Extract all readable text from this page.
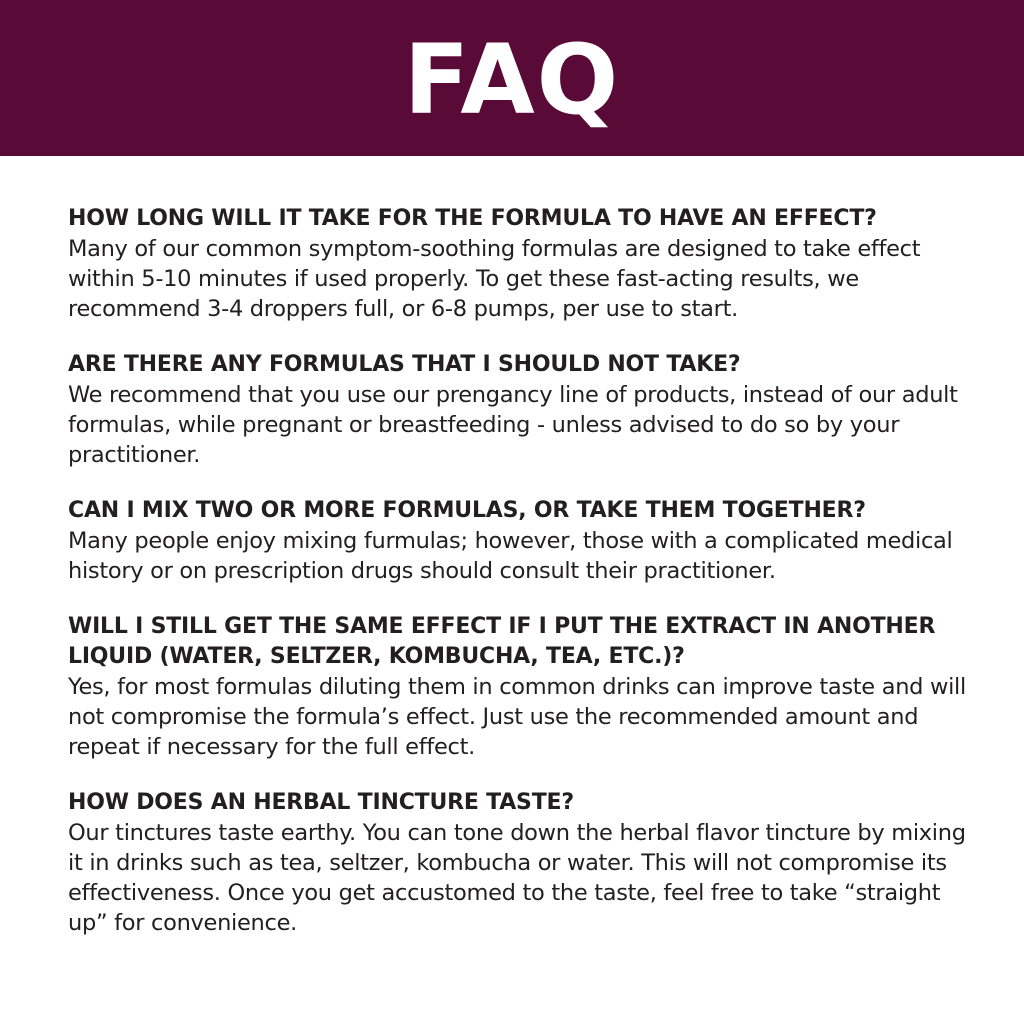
FAQ

HOW LONG WILL IT TAKE FOR THE FORMULA TO HAVE AN EFFECT?

Many of our common symptom-soothing formulas are designed to take effect within 5-10 minutes if used properly. To get these fast-acting results, we recommend 3-4 droppers full, or 6-8 pumps, per use to start.

ARE THERE ANY FORMULAS THAT I SHOULD NOT TAKE?

We recommend that you use our prengancy line of products, instead of our adult formulas, while pregnant or breastfeeding - unless advised to do so by your practitioner.

CAN I MIX TWO OR MORE FORMULAS, OR TAKE THEM TOGETHER?

Many people enjoy mixing furmulas; however, those with a complicated medical history or on prescription drugs should consult their practitioner.

WILL I STILL GET THE SAME EFFECT IF I PUT THE EXTRACT IN ANOTHER LIQUID (WATER, SELTZER, KOMBUCHA, TEA, ETC.)?

Yes, for most formulas diluting them in common drinks can improve taste and will not compromise the formula’s effect. Just use the recommended amount and repeat if necessary for the full effect.

HOW DOES AN HERBAL TINCTURE TASTE?

Our tinctures taste earthy. You can tone down the herbal flavor tincture by mixing it in drinks such as tea, seltzer, kombucha or water. This will not compromise its effectiveness. Once you get accustomed to the taste, feel free to take “straight up” for convenience.
